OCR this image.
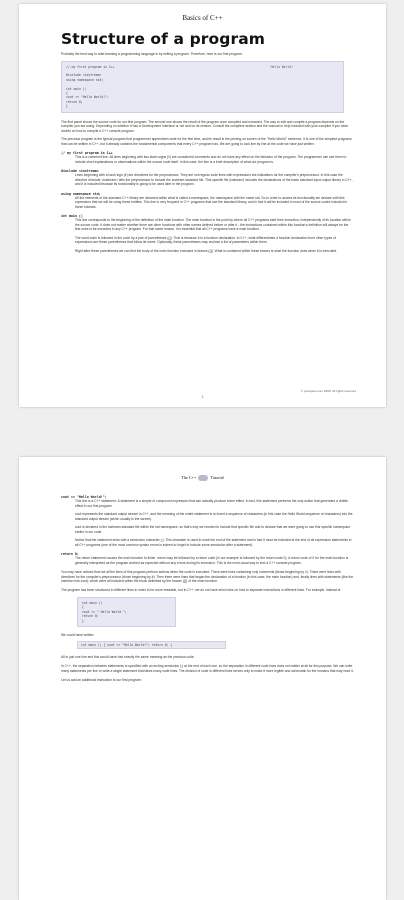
Basics of C++
Structure of a program
Probably the best way to start learning a programming language is by writing a program. Therefore, here is our first program:
// my first program in C++

#include <iostream>
using namespace std;

int main ()
{
cout << "Hello World!";
return 0;
}
Hello World!
The first panel shows the source code for our first program. The second one shows the result of the program once compiled and executed. The way to edit and compile a program depends on the compiler you are using. Depending on whether it has a Development Interface or not and on its version. Consult the compilers section and the manual or help included with your compiler if you have doubts on how to compile a C++ console program.
The previous program is the typical program that programmer apprentices write for the first time, and its result is the printing on screen of the "Hello World!" sentence. It is one of the simplest programs that can be written in C++, but it already contains the fundamental components that every C++ program has. We are going to look line by line at the code we have just written:
// my first program in C++
This is a comment line. All lines beginning with two slash signs (//) are considered comments and do not have any effect on the behavior of the program. The programmer can use them to include short explanations or observations within the source code itself. In this case, the line is a brief description of what our program is.
#include <iostream>
Lines beginning with a hash sign (#) are directives for the preprocessor. They are not regular code lines with expressions but indications for the compiler's preprocessor. In this case the directive #include <iostream> tells the preprocessor to include the iostream standard file. This specific file (iostream) includes the declarations of the basic standard input-output library in C++, and it is included because its functionality is going to be used later in the program.
using namespace std;
All the elements of the standard C++ library are declared within what is called a namespace, the namespace with the name std. So in order to access its functionality we declare with this expression that we will be using these entities. This line is very frequent in C++ programs that use the standard library, and in fact it will be included in most of the source codes included in these tutorials.
int main ()
This line corresponds to the beginning of the definition of the main function. The main function is the point by where all C++ programs start their execution, independently of its location within the source code. It does not matter whether there are other functions with other names defined before or after it - the instructions contained within this function's definition will always be the first ones to be executed in any C++ program. For that same reason, it is essential that all C++ programs have a main function.
The word main is followed in the code by a pair of parentheses (()). That is because it is a function declaration: In C++, what differentiates a function declaration from other types of expressions are these parentheses that follow its name. Optionally, these parentheses may enclose a list of parameters within them.
Right after these parentheses we can find the body of the main function enclosed in braces ({}). What is contained within these braces is what the function does when it is executed.
© cplusplus.com 2008. All rights reserved
1
The C++	Tutorial
cout << "Hello World!";
This line is a C++ statement. A statement is a simple or compound expression that can actually produce some effect. In fact, this statement performs the only action that generates a visible effect in our first program.
cout represents the standard output stream in C++, and the meaning of the entire statement is to insert a sequence of characters (in this case the Hello World sequence of characters) into the standard output stream (which usually is the screen).
cout is declared in the iostream standard file within the std namespace, so that's why we needed to include that specific file and to declare that we were going to use this specific namespace earlier in our code.
Notice that the statement ends with a semicolon character (;). This character is used to mark the end of the statement and in fact it must be included at the end of all expression statements in all C++ programs (one of the most common syntax errors is indeed to forget to include some semicolon after a statement).
return 0;
The return statement causes the main function to finish. return may be followed by a return code (in our example is followed by the return code 0). A return code of 0 for the main function is generally interpreted as the program worked as expected without any errors during its execution. This is the most usual way to end a C++ console program.
You may have noticed that not all the lines of this program perform actions when the code is executed. There were lines containing only comments (those beginning by //). There were lines with directives for the compiler's preprocessor (those beginning by #). Then there were lines that began the declaration of a function (in this case, the main function) and, finally lines with statements (like the insertion into cout), which were all included within the block delimited by the braces ({}) of the main function.
The program has been structured in different lines in order to be more readable, but in C++, we do not have strict rules on how to separate instructions in different lines. For example, instead of
int main ()
{
cout << " Hello World ";
return 0;
}
We could have written:
int main () { cout << "Hello World!"; return 0; }
All in just one line and this would have had exactly the same meaning as the previous code.
In C++, the separation between statements is specified with an ending semicolon (;) at the end of each one, so the separation in different code lines does not matter at all for this purpose. We can write many statements per line or write a single statement that takes many code lines. The division of code in different lines serves only to make it more legible and schematic for the humans that may read it.
Let us add an additional instruction to our first program:
